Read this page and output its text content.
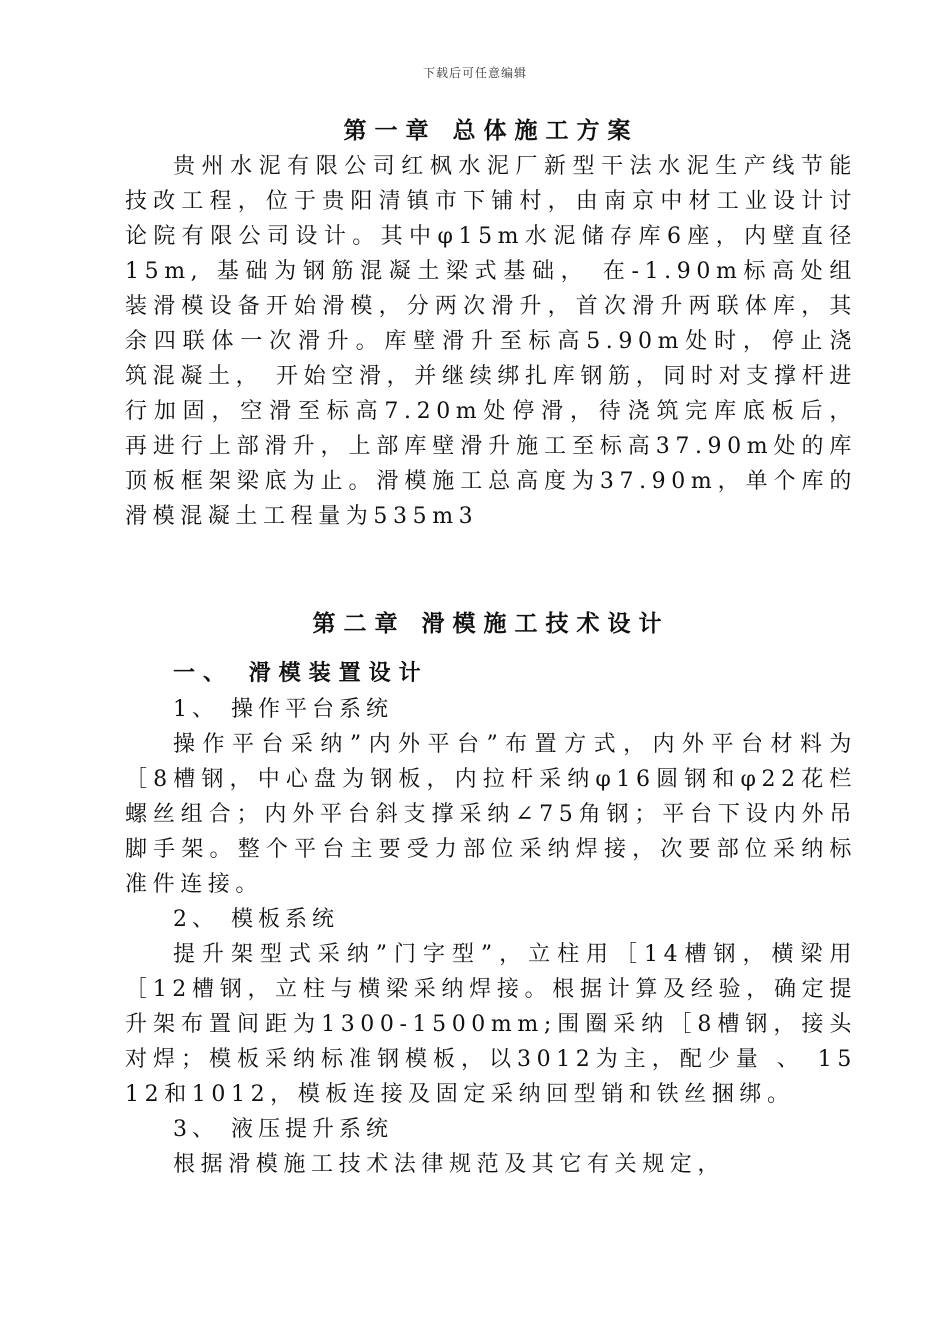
下载后可任意编辑
第一章 总体施工方案

贵州水泥有限公司红枫水泥厂新型干法水泥生产线节能技改工程，位于贵阳清镇市下铺村，由南京中材工业设计讨论院有限公司设计。其中φ15m水泥储存库6座，内壁直径15m, 基础为钢筋混凝土梁式基础， 在-1.90m标高处组装滑模设备开始滑模，分两次滑升，首次滑升两联体库，其余四联体一次滑升。库壁滑升至标高5.90m处时，停止浇筑混凝土， 开始空滑，并继续绑扎库钢筋，同时对支撑杆进行加固，空滑至标高7.20m处停滑，待浇筑完库底板后，再进行上部滑升，上部库壁滑升施工至标高37.90m处的库顶板框架梁底为止。滑模施工总高度为37.90m，单个库的滑模混凝土工程量为535m3

第二章 滑模施工技术设计
一、 滑模装置设计
1、 操作平台系统

操作平台采纳”内外平台”布置方式，内外平台材料为［8槽钢，中心盘为钢板，内拉杆采纳φ16圆钢和φ22花栏螺丝组合；内外平台斜支撑采纳∠75角钢；平台下设内外吊脚手架。整个平台主要受力部位采纳焊接，次要部位采纳标准件连接。

2、 模板系统

提升架型式采纳”门字型”，立柱用［14槽钢，横梁用［12槽钢，立柱与横梁采纳焊接。根据计算及经验，确定提升架布置间距为1300-1500mm;围圈采纳［8槽钢，接头对焊；模板采纳标准钢模板，以3012为主，配少量 、 1512和1012，模板连接及固定采纳回型销和铁丝捆绑。

3、 液压提升系统

根据滑模施工技术法律规范及其它有关规定，
